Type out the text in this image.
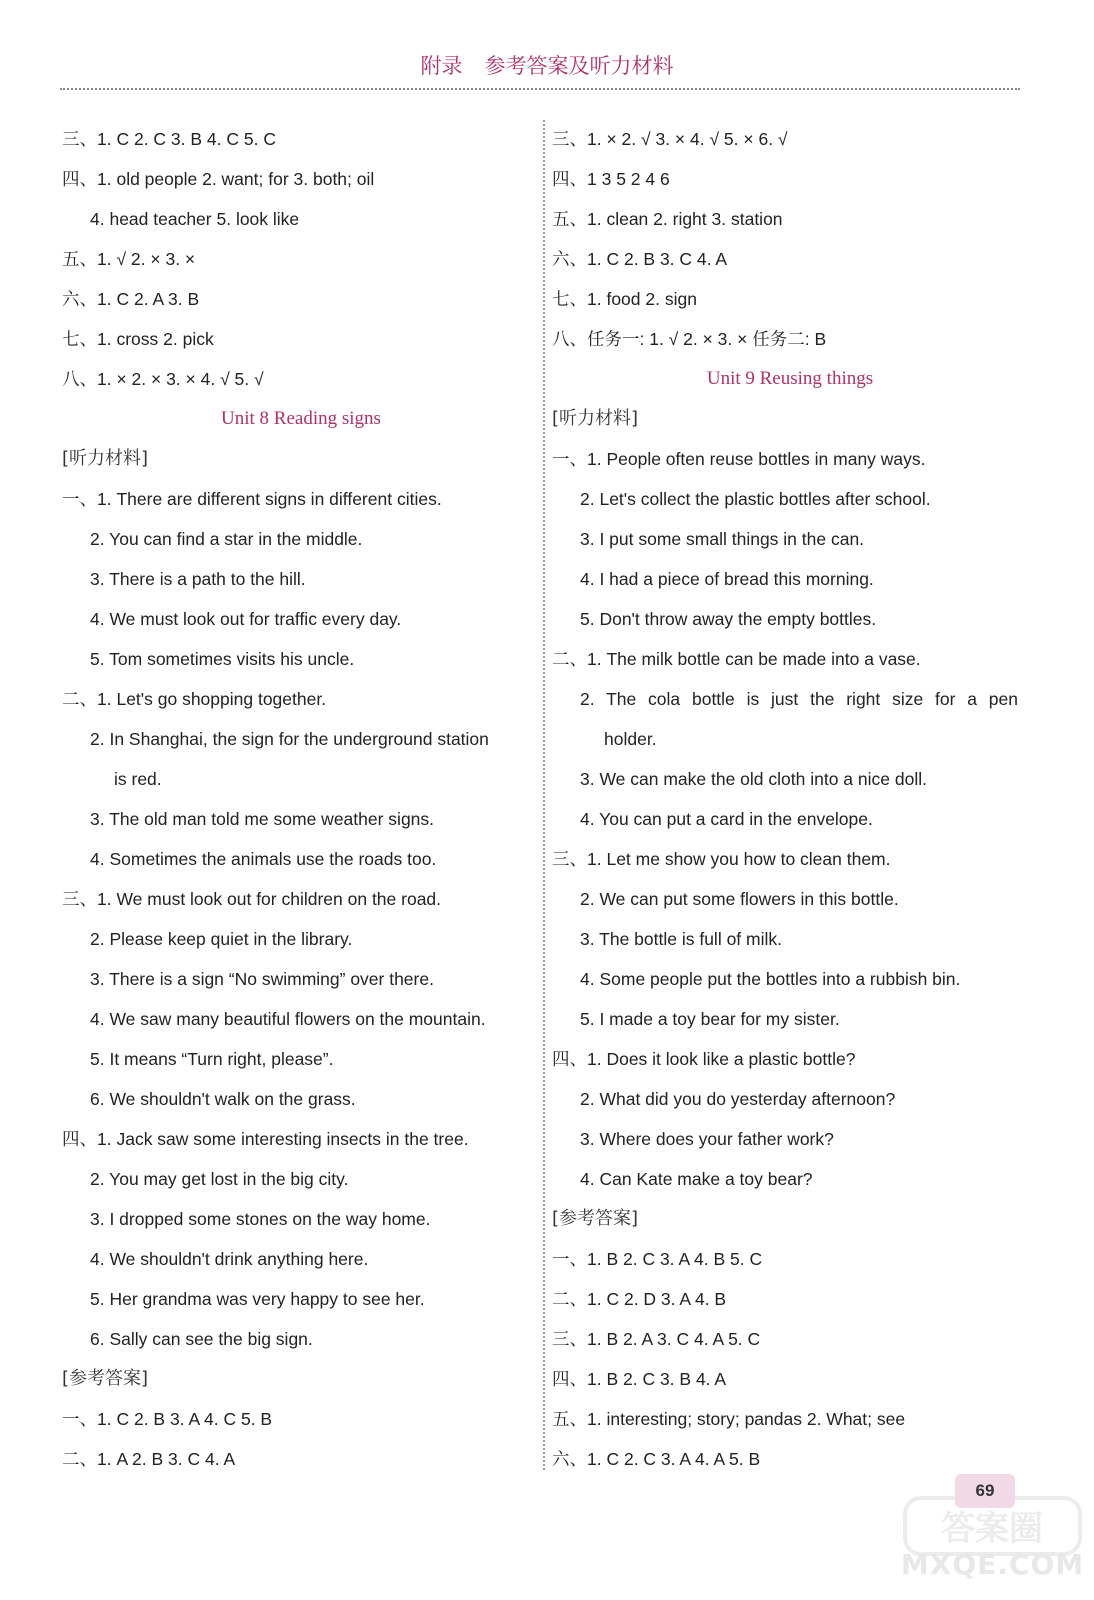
附录 参考答案及听力材料
三、1. C 2. C 3. B 4. C 5. C
四、1. old people 2. want; for 3. both; oil
4. head teacher 5. look like
五、1. √ 2. × 3. ×
六、1. C 2. A 3. B
七、1. cross 2. pick
八、1. × 2. × 3. × 4. √ 5. √
Unit 8 Reading signs
[听力材料]
一、1. There are different signs in different cities.
2. You can find a star in the middle.
3. There is a path to the hill.
4. We must look out for traffic every day.
5. Tom sometimes visits his uncle.
二、1. Let's go shopping together.
2. In Shanghai, the sign for the underground station
is red.
3. The old man told me some weather signs.
4. Sometimes the animals use the roads too.
三、1. We must look out for children on the road.
2. Please keep quiet in the library.
3. There is a sign “No swimming” over there.
4. We saw many beautiful flowers on the mountain.
5. It means “Turn right, please”.
6. We shouldn't walk on the grass.
四、1. Jack saw some interesting insects in the tree.
2. You may get lost in the big city.
3. I dropped some stones on the way home.
4. We shouldn't drink anything here.
5. Her grandma was very happy to see her.
6. Sally can see the big sign.
[参考答案]
一、1. C 2. B 3. A 4. C 5. B
二、1. A 2. B 3. C 4. A
三、1. × 2. √ 3. × 4. √ 5. × 6. √
四、1 3 5 2 4 6
五、1. clean 2. right 3. station
六、1. C 2. B 3. C 4. A
七、1. food 2. sign
八、任务一: 1. √ 2. × 3. × 任务二: B
Unit 9 Reusing things
[听力材料]
一、1. People often reuse bottles in many ways.
2. Let's collect the plastic bottles after school.
3. I put some small things in the can.
4. I had a piece of bread this morning.
5. Don't throw away the empty bottles.
二、1. The milk bottle can be made into a vase.
2. The cola bottle is just the right size for a pen
holder.
3. We can make the old cloth into a nice doll.
4. You can put a card in the envelope.
三、1. Let me show you how to clean them.
2. We can put some flowers in this bottle.
3. The bottle is full of milk.
4. Some people put the bottles into a rubbish bin.
5. I made a toy bear for my sister.
四、1. Does it look like a plastic bottle?
2. What did you do yesterday afternoon?
3. Where does your father work?
4. Can Kate make a toy bear?
[参考答案]
一、1. B 2. C 3. A 4. B 5. C
二、1. C 2. D 3. A 4. B
三、1. B 2. A 3. C 4. A 5. C
四、1. B 2. C 3. B 4. A
五、1. interesting; story; pandas 2. What; see
六、1. C 2. C 3. A 4. A 5. B
答案圈
69
MXQE.COM
